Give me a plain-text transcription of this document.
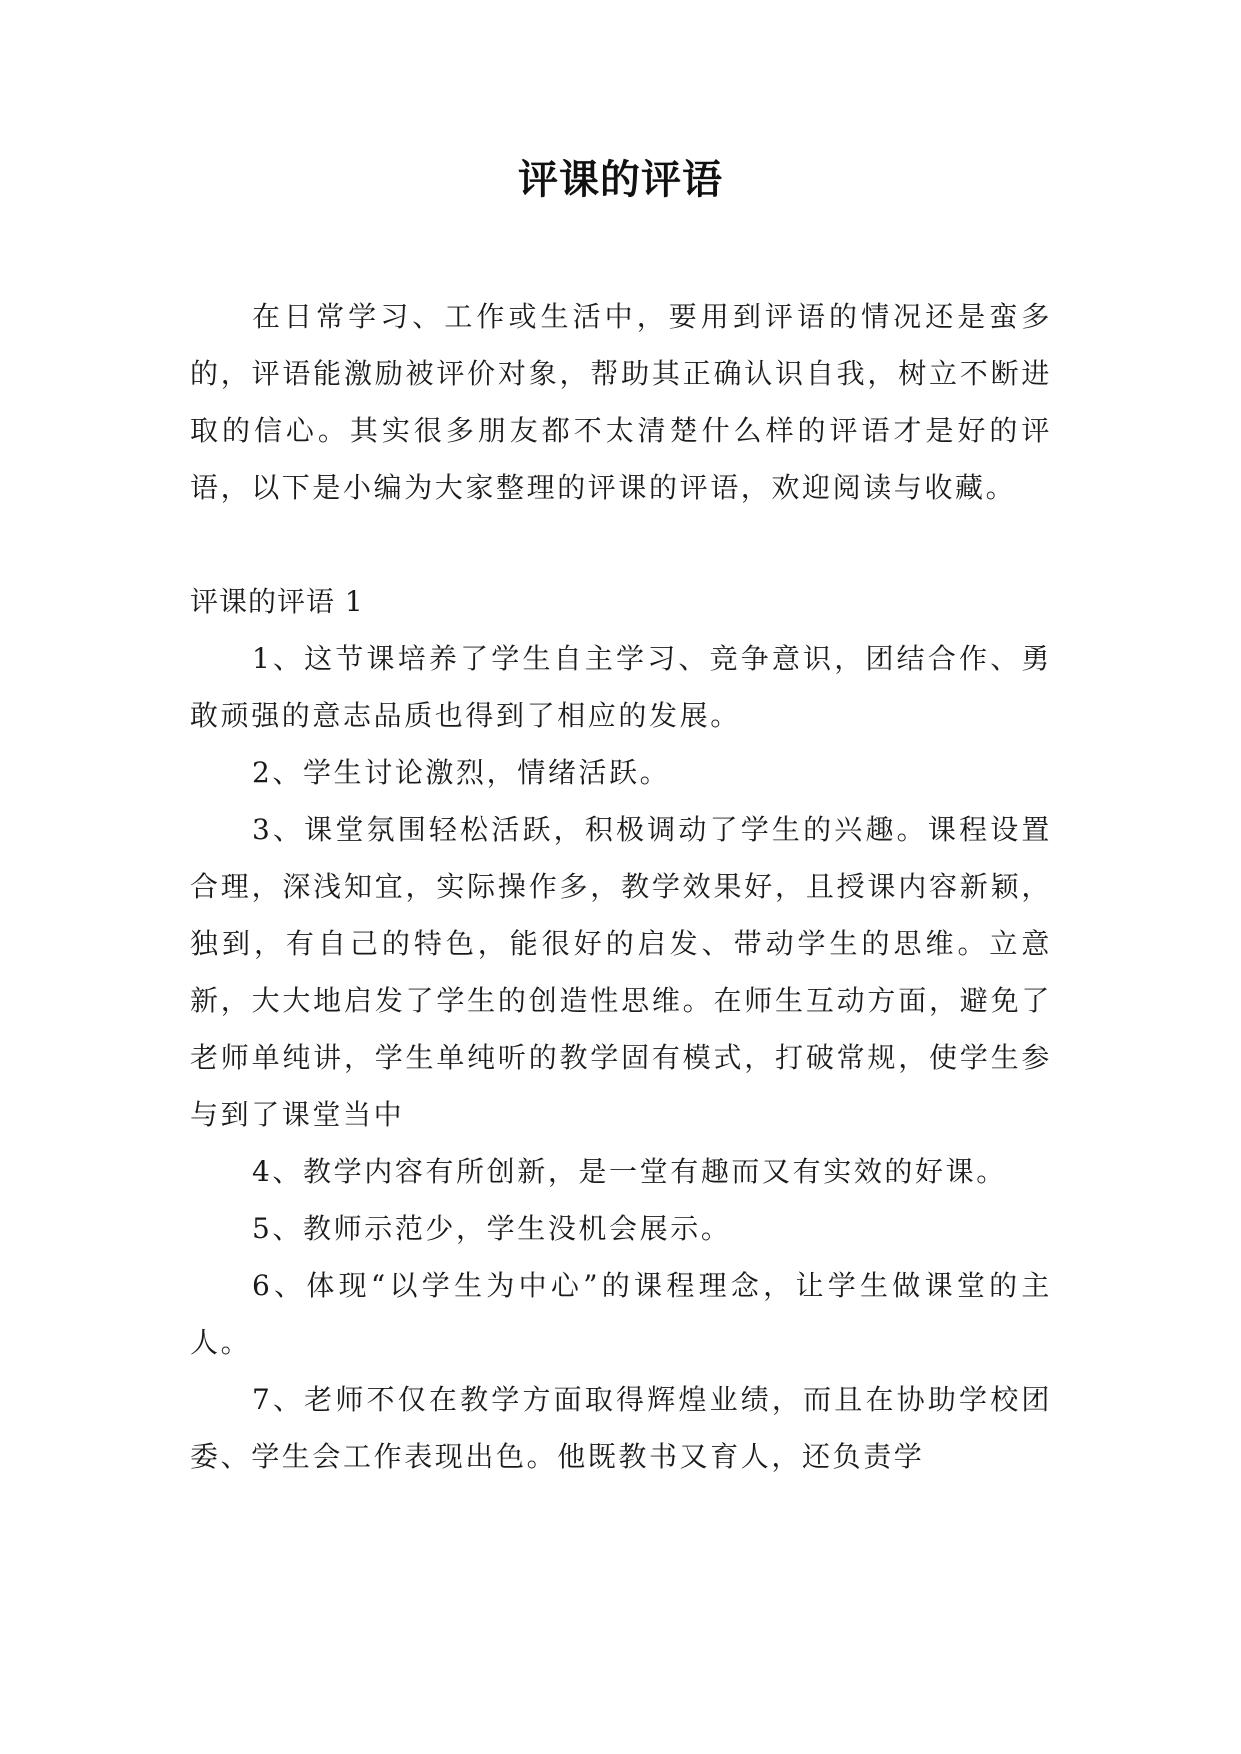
评课的评语

在日常学习、工作或生活中，要用到评语的情况还是蛮多的，评语能激励被评价对象，帮助其正确认识自我，树立不断进取的信心。其实很多朋友都不太清楚什么样的评语才是好的评语，以下是小编为大家整理的评课的评语，欢迎阅读与收藏。

评课的评语 1

1、这节课培养了学生自主学习、竞争意识，团结合作、勇敢顽强的意志品质也得到了相应的发展。

2、学生讨论激烈，情绪活跃。

3、课堂氛围轻松活跃，积极调动了学生的兴趣。课程设置合理，深浅知宜，实际操作多，教学效果好，且授课内容新颖，独到，有自己的特色，能很好的启发、带动学生的思维。立意新，大大地启发了学生的创造性思维。在师生互动方面，避免了老师单纯讲，学生单纯听的教学固有模式，打破常规，使学生参与到了课堂当中

4、教学内容有所创新，是一堂有趣而又有实效的好课。

5、教师示范少，学生没机会展示。

6、体现“以学生为中心”的课程理念，让学生做课堂的主人。

7、老师不仅在教学方面取得辉煌业绩，而且在协助学校团委、学生会工作表现出色。他既教书又育人，还负责学
